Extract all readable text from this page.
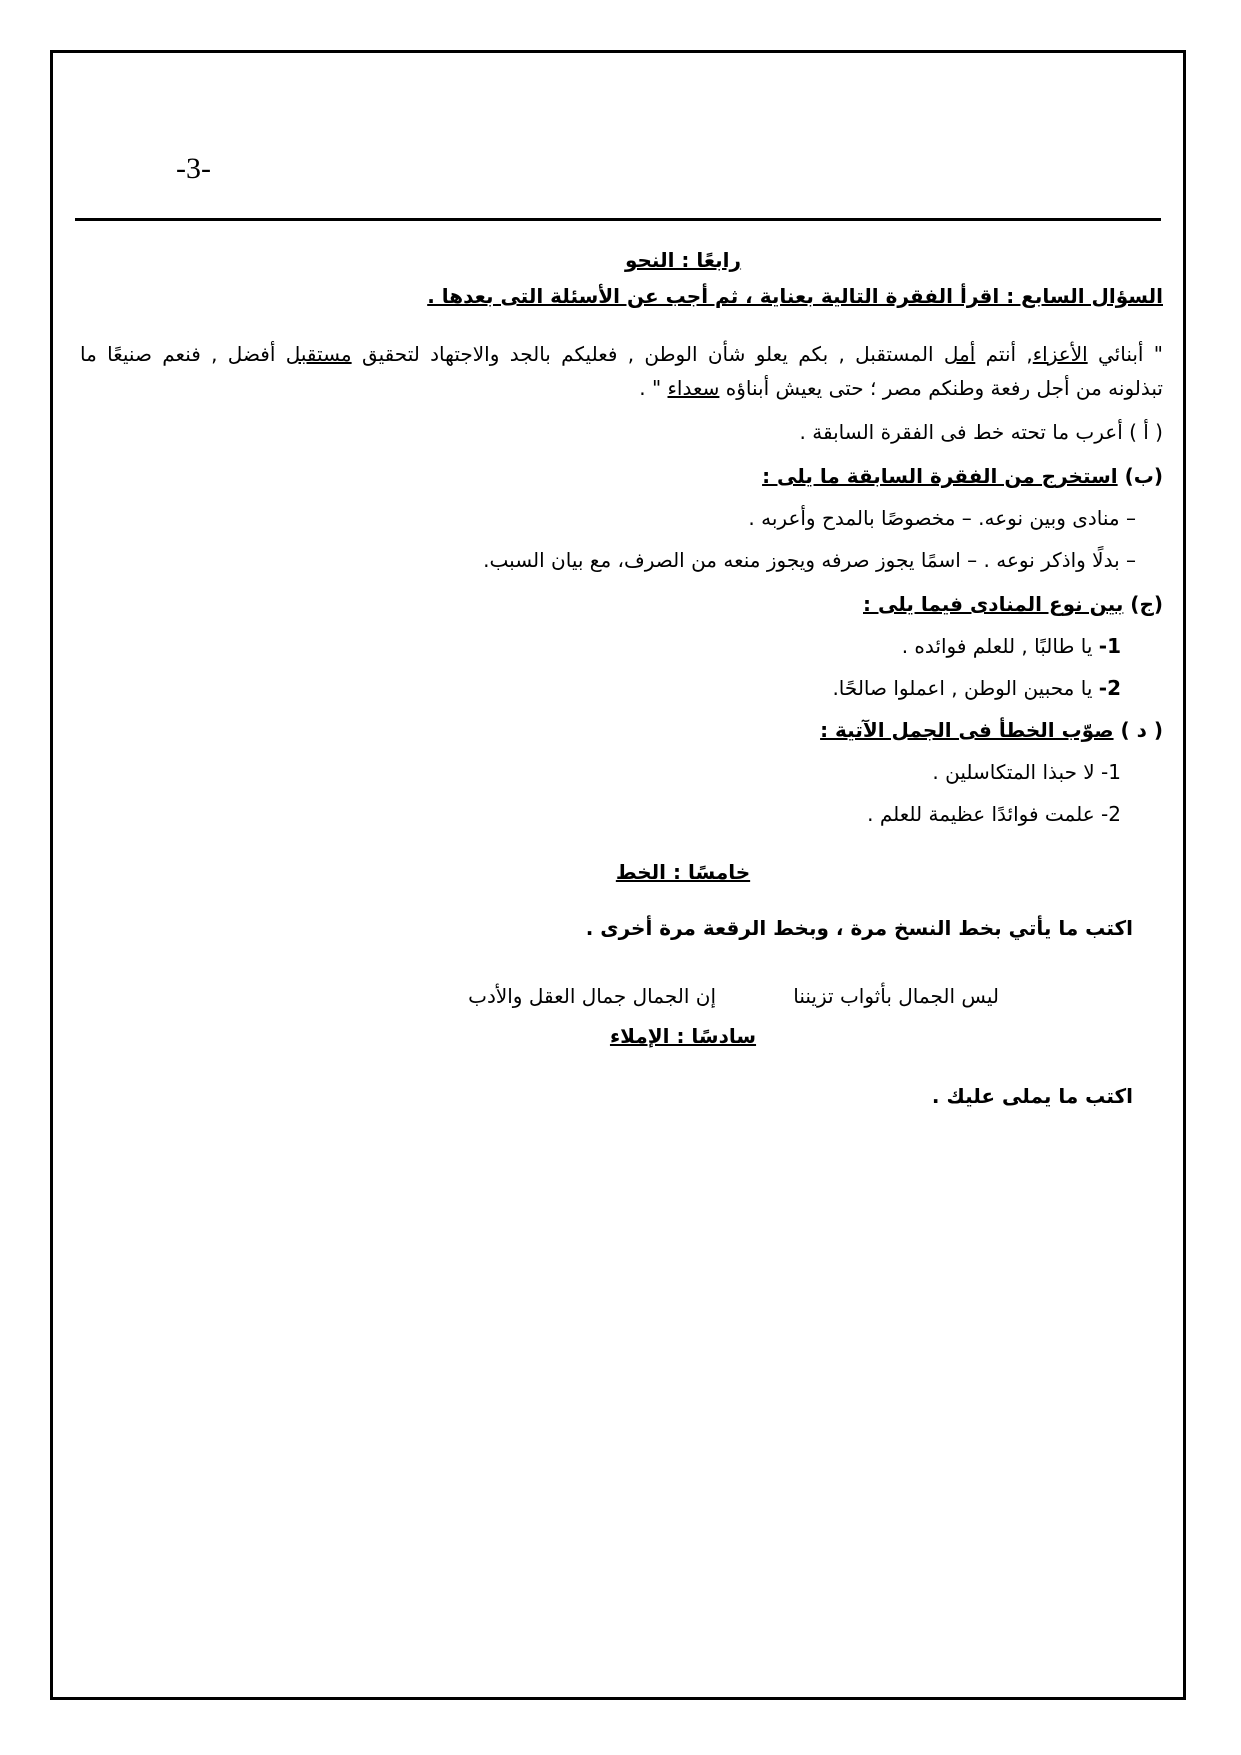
-3-
رابعًا : النحو
السؤال السابع : اقرأ الفقرة التالية بعناية ، ثم أجب عن الأسئلة التى بعدها .
" أبنائي الأعزاء, أنتم أمل المستقبل , بكم يعلو شأن الوطن , فعليكم بالجد والاجتهاد لتحقيق مستقبل أفضل , فنعم صنيعًا ما
تبذلونه من أجل رفعة وطنكم مصر ؛ حتى يعيش أبناؤه سعداء " .
( أ ) أعرب ما تحته خط فى الفقرة السابقة .
(ب) استخرج من الفقرة السابقة ما يلى :
– منادى وبين نوعه. – مخصوصًا بالمدح وأعربه .
– بدلًا واذكر نوعه . – اسمًا يجوز صرفه ويجوز منعه من الصرف، مع بيان السبب.
(ج) بين نوع المنادى فيما يلى :
1- يا طالبًا , للعلم فوائده .
2- يا محبين الوطن , اعملوا صالحًا.
( د ) صوّب الخطأ فى الجمل الآتية :
1- لا حبذا المتكاسلين .
2- علمت فوائدًا عظيمة للعلم .
خامسًا : الخط
اكتب ما يأتي بخط النسخ مرة ، وبخط الرقعة مرة أخرى .
ليس الجمال بأثواب تزيننا
إن الجمال جمال العقل والأدب
سادسًا : الإملاء
اكتب ما يملى عليك .
